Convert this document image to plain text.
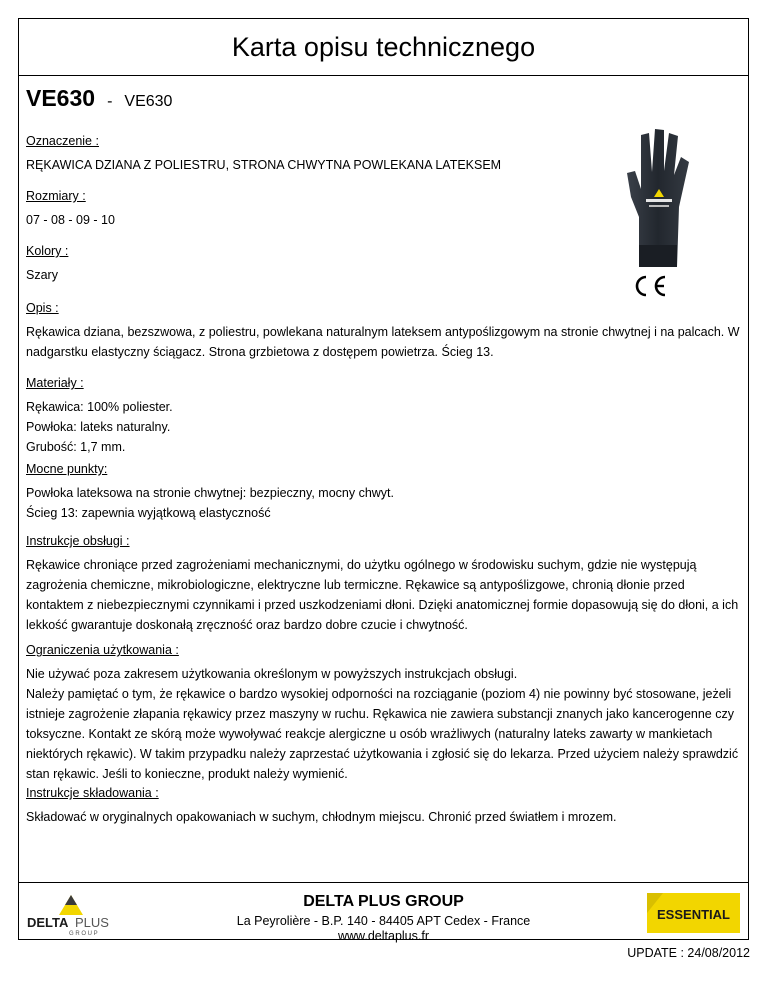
Karta opisu technicznego
VE630 - VE630
Oznaczenie :

RĘKAWICA DZIANA Z POLIESTRU, STRONA CHWYTNA POWLEKANA LATEKSEM

Rozmiary :

07 - 08 - 09 - 10

Kolory :

Szary

Opis :

Rękawica dziana, bezszwowa, z poliestru, powlekana naturalnym lateksem antypoślizgowym na stronie chwytnej i na palcach. W nadgarstku elastyczny ściągacz. Strona grzbietowa z dostępem powietrza. Ścieg 13.

Materiały :

Rękawica: 100% poliester.

Powłoka: lateks naturalny.

Grubość: 1,7 mm.

Mocne punkty:

Powłoka lateksowa na stronie chwytnej: bezpieczny, mocny chwyt.

Ścieg 13: zapewnia wyjątkową elastyczność

Instrukcje obsługi :

Rękawice chroniące przed zagrożeniami mechanicznymi, do użytku ogólnego w środowisku suchym, gdzie nie występują zagrożenia chemiczne, mikrobiologiczne, elektryczne lub termiczne. Rękawice są antypoślizgowe, chronią dłonie przed kontaktem z niebezpiecznymi czynnikami i przed uszkodzeniami dłoni. Dzięki anatomicznej formie dopasowują się do dłoni, a ich lekkość gwarantuje doskonałą zręczność oraz bardzo dobre czucie i chwytność.

Ograniczenia użytkowania :

Nie używać poza zakresem użytkowania określonym w powyższych instrukcjach obsługi.

Należy pamiętać o tym, że rękawice o bardzo wysokiej odporności na rozciąganie (poziom 4) nie powinny być stosowane, jeżeli istnieje zagrożenie złapania rękawicy przez maszyny w ruchu. Rękawica nie zawiera substancji znanych jako kancerogenne czy toksyczne. Kontakt ze skórą może wywoływać reakcje alergiczne u osób wrażliwych (naturalny lateks zawarty w mankietach niektórych rękawic). W takim przypadku należy zaprzestać użytkowania i zgłosić się do lekarza. Przed użyciem należy sprawdzić stan rękawic. Jeśli to konieczne, produkt należy wymienić.

Instrukcje składowania :

Składować w oryginalnych opakowaniach w suchym, chłodnym miejscu. Chronić przed światłem i mrozem.

DELTA PLUS
G R O U P
DELTA PLUS GROUP
La Peyrolière - B.P. 140 - 84405 APT Cedex - France
www.deltaplus.fr
ESSENTIAL
UPDATE : 24/08/2012
